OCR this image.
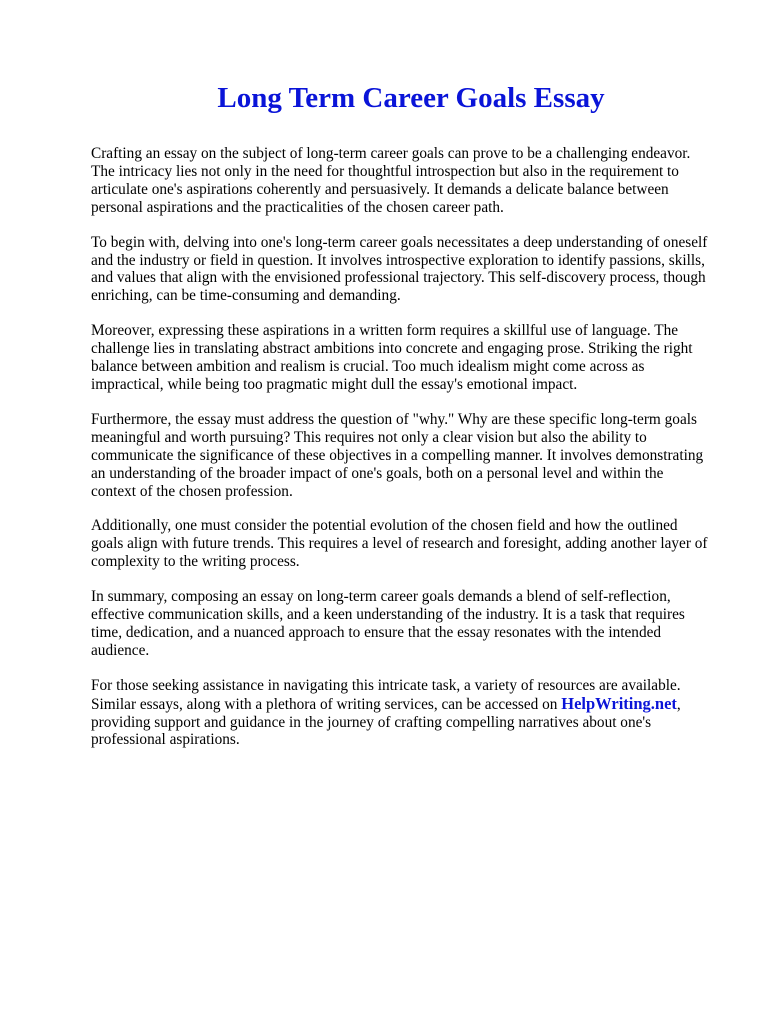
Long Term Career Goals Essay

Crafting an essay on the subject of long-term career goals can prove to be a challenging endeavor.
The intricacy lies not only in the need for thoughtful introspection but also in the requirement to
articulate one's aspirations coherently and persuasively. It demands a delicate balance between
personal aspirations and the practicalities of the chosen career path.

To begin with, delving into one's long-term career goals necessitates a deep understanding of oneself
and the industry or field in question. It involves introspective exploration to identify passions, skills,
and values that align with the envisioned professional trajectory. This self-discovery process, though
enriching, can be time-consuming and demanding.

Moreover, expressing these aspirations in a written form requires a skillful use of language. The
challenge lies in translating abstract ambitions into concrete and engaging prose. Striking the right
balance between ambition and realism is crucial. Too much idealism might come across as
impractical, while being too pragmatic might dull the essay's emotional impact.

Furthermore, the essay must address the question of "why." Why are these specific long-term goals
meaningful and worth pursuing? This requires not only a clear vision but also the ability to
communicate the significance of these objectives in a compelling manner. It involves demonstrating
an understanding of the broader impact of one's goals, both on a personal level and within the
context of the chosen profession.

Additionally, one must consider the potential evolution of the chosen field and how the outlined
goals align with future trends. This requires a level of research and foresight, adding another layer of
complexity to the writing process.

In summary, composing an essay on long-term career goals demands a blend of self-reflection,
effective communication skills, and a keen understanding of the industry. It is a task that requires
time, dedication, and a nuanced approach to ensure that the essay resonates with the intended
audience.

For those seeking assistance in navigating this intricate task, a variety of resources are available.
Similar essays, along with a plethora of writing services, can be accessed on HelpWriting.net,
providing support and guidance in the journey of crafting compelling narratives about one's
professional aspirations.
